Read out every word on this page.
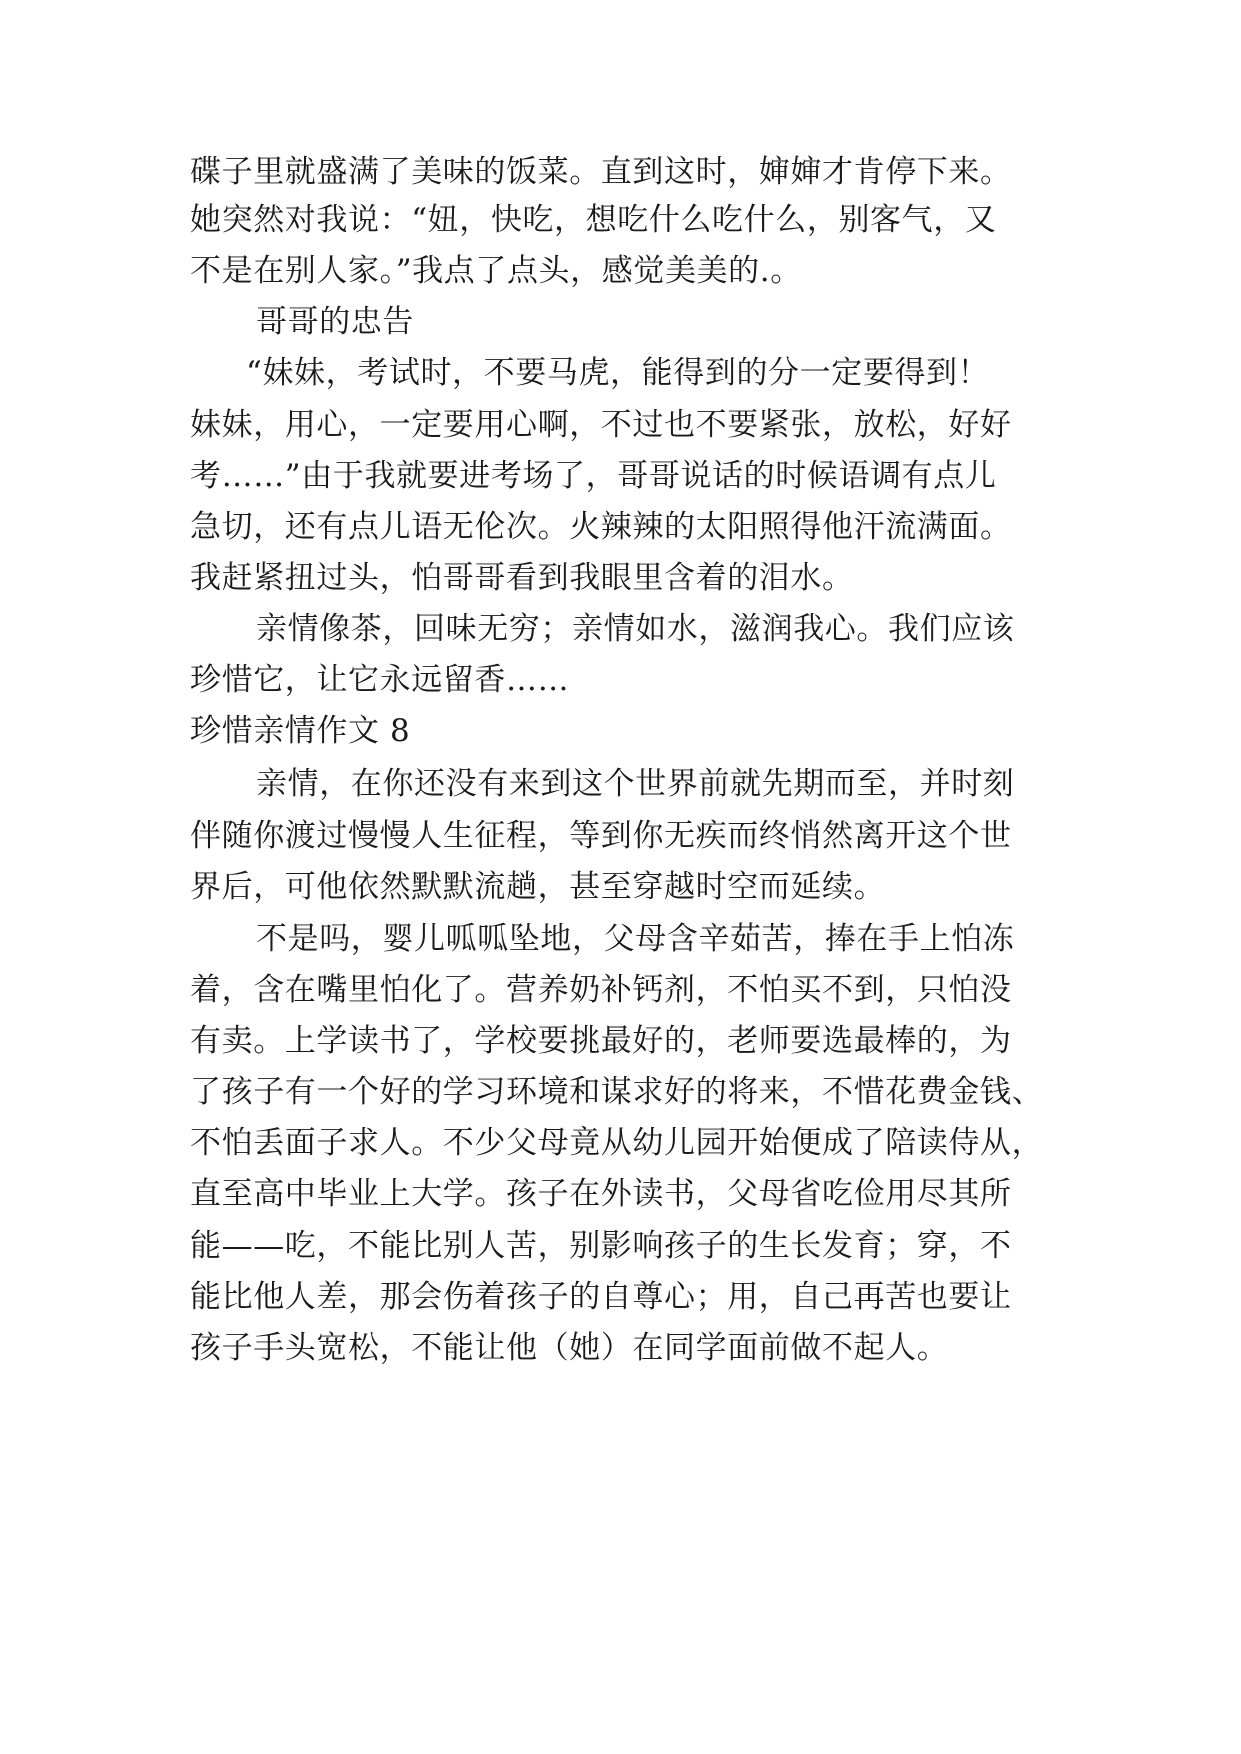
碟子里就盛满了美味的饭菜。直到这时，婶婶才肯停下来。
她突然对我说：“妞，快吃，想吃什么吃什么，别客气，又
不是在别人家。”我点了点头，感觉美美的.。
哥哥的忠告
“妹妹，考试时，不要马虎，能得到的分一定要得到！
妹妹，用心，一定要用心啊，不过也不要紧张，放松，好好
考……”由于我就要进考场了，哥哥说话的时候语调有点儿
急切，还有点儿语无伦次。火辣辣的太阳照得他汗流满面。
我赶紧扭过头，怕哥哥看到我眼里含着的泪水。
亲情像茶，回味无穷；亲情如水，滋润我心。我们应该
珍惜它，让它永远留香……
珍惜亲情作文 8
亲情，在你还没有来到这个世界前就先期而至，并时刻
伴随你渡过慢慢人生征程，等到你无疾而终悄然离开这个世
界后，可他依然默默流趟，甚至穿越时空而延续。
不是吗，婴儿呱呱坠地，父母含辛茹苦，捧在手上怕冻
着，含在嘴里怕化了。营养奶补钙剂，不怕买不到，只怕没
有卖。上学读书了，学校要挑最好的，老师要选最棒的，为
了孩子有一个好的学习环境和谋求好的将来，不惜花费金钱、
不怕丢面子求人。不少父母竟从幼儿园开始便成了陪读侍从，
直至高中毕业上大学。孩子在外读书，父母省吃俭用尽其所
能——吃，不能比别人苦，别影响孩子的生长发育；穿，不
能比他人差，那会伤着孩子的自尊心；用，自己再苦也要让
孩子手头宽松，不能让他（她）在同学面前做不起人。
